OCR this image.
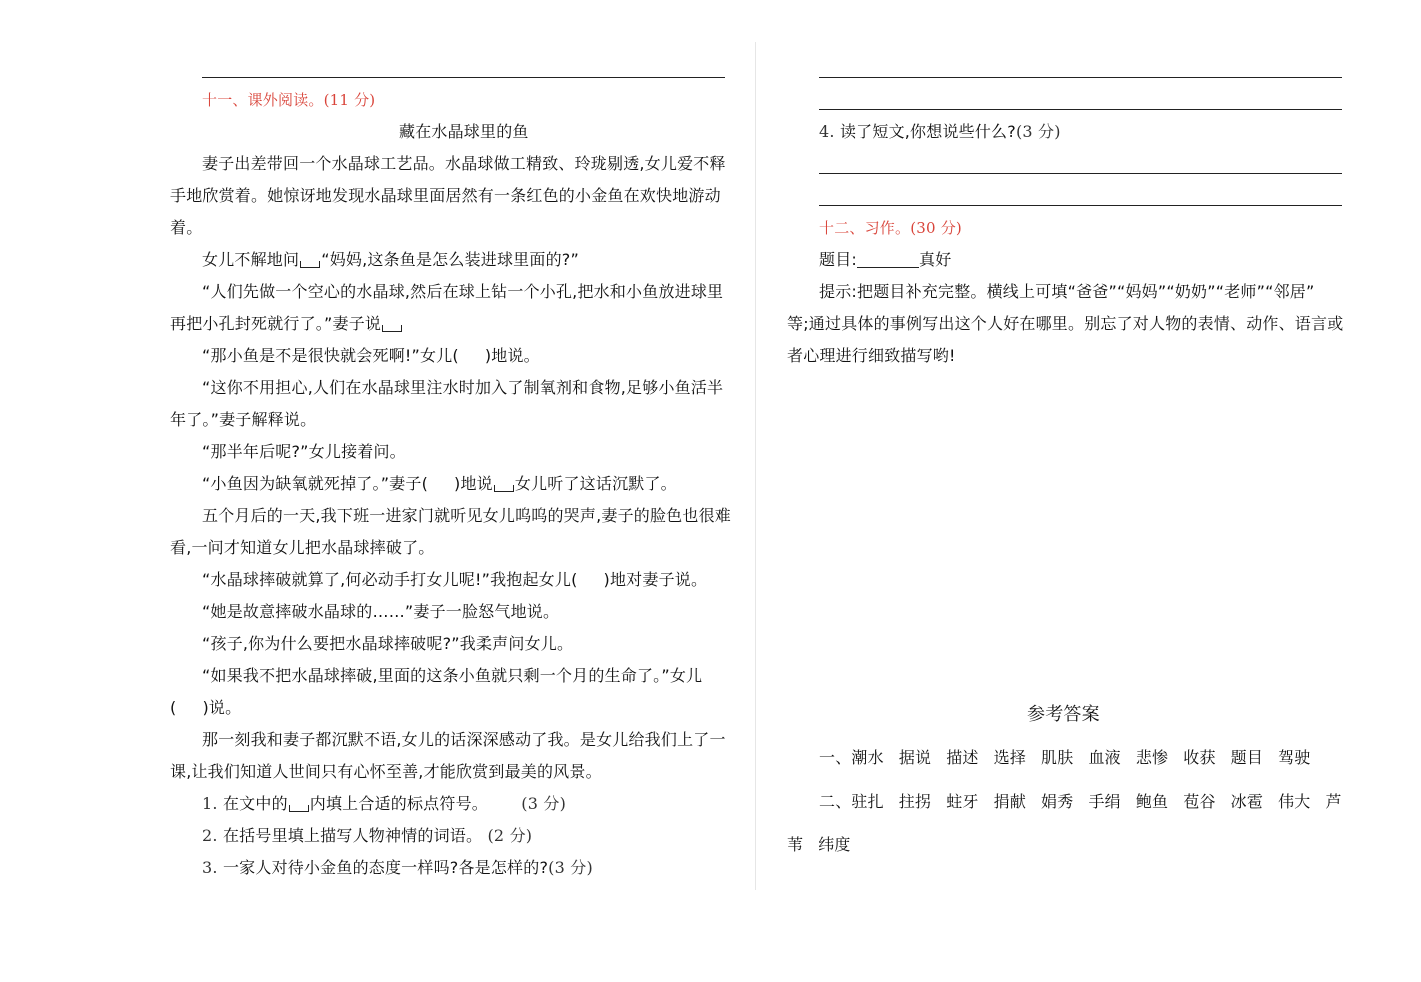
十一、课外阅读。(11 分)
藏在水晶球里的鱼
妻子出差带回一个水晶球工艺品。水晶球做工精致、玲珑剔透,女儿爱不释
手地欣赏着。她惊讶地发现水晶球里面居然有一条红色的小金鱼在欢快地游动
着。
女儿不解地问 “妈妈,这条鱼是怎么装进球里面的?”
“人们先做一个空心的水晶球,然后在球上钻一个小孔,把水和小鱼放进球里
再把小孔封死就行了。”妻子说
“那小鱼是不是很快就会死啊!”女儿( )地说。
“这你不用担心,人们在水晶球里注水时加入了制氧剂和食物,足够小鱼活半
年了。”妻子解释说。
“那半年后呢?”女儿接着问。
“小鱼因为缺氧就死掉了。”妻子( )地说 女儿听了这话沉默了。
五个月后的一天,我下班一进家门就听见女儿呜呜的哭声,妻子的脸色也很难
看,一问才知道女儿把水晶球摔破了。
“水晶球摔破就算了,何必动手打女儿呢!”我抱起女儿( )地对妻子说。
“她是故意摔破水晶球的……”妻子一脸怒气地说。
“孩子,你为什么要把水晶球摔破呢?”我柔声问女儿。
“如果我不把水晶球摔破,里面的这条小鱼就只剩一个月的生命了。”女儿
( )说。
那一刻我和妻子都沉默不语,女儿的话深深感动了我。是女儿给我们上了一
课,让我们知道人世间只有心怀至善,才能欣赏到最美的风景。
1. 在文中的 内填上合适的标点符号。 (3 分)
2. 在括号里填上描写人物神情的词语。 (2 分)
3. 一家人对待小金鱼的态度一样吗?各是怎样的?(3 分)
4. 读了短文,你想说些什么?(3 分)
十二、习作。(30 分)
题目:	真好
提示:把题目补充完整。横线上可填“爸爸”“妈妈”“奶奶”“老师”“邻居”
等;通过具体的事例写出这个人好在哪里。别忘了对人物的表情、动作、语言或
者心理进行细致描写哟!
参考答案
一、潮水 据说 描述 选择 肌肤 血液 悲惨 收获 题目 驾驶
二、驻扎 拄拐 蛀牙 捐献 娟秀 手绢 鲍鱼 苞谷 冰雹 伟大 芦
苇 纬度
